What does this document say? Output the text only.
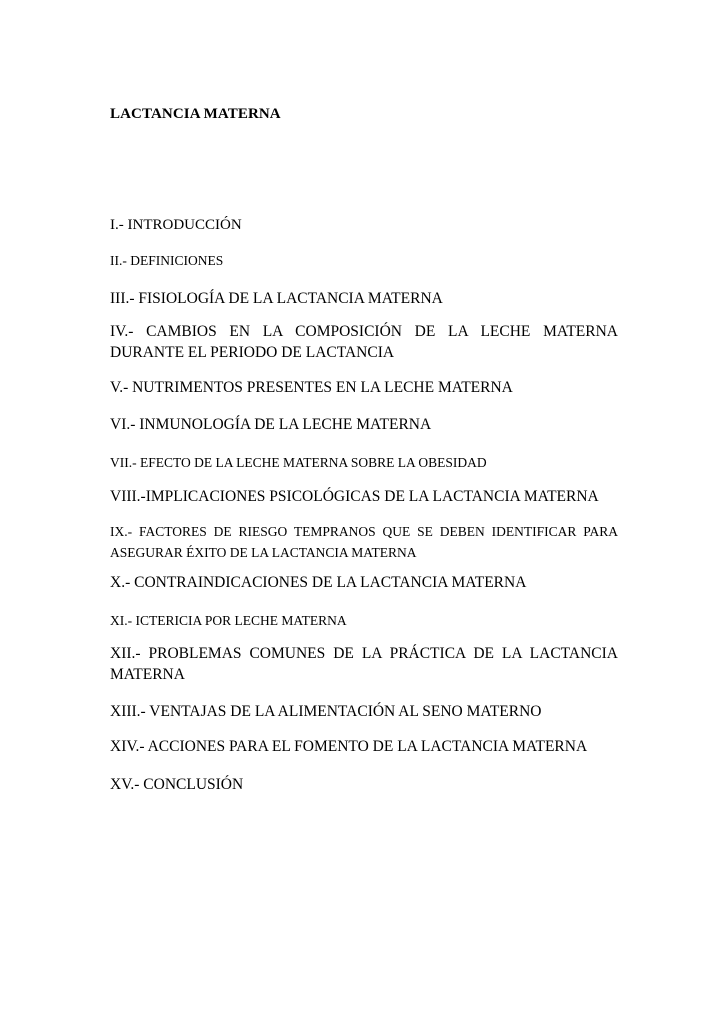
LACTANCIA MATERNA
I.- INTRODUCCIÓN
II.- DEFINICIONES
III.- FISIOLOGÍA DE LA LACTANCIA MATERNA
IV.- CAMBIOS EN LA COMPOSICIÓN DE LA LECHE MATERNA DURANTE EL PERIODO DE LACTANCIA
V.- NUTRIMENTOS PRESENTES EN LA LECHE MATERNA
VI.- INMUNOLOGÍA DE LA LECHE MATERNA
VII.- EFECTO DE LA LECHE MATERNA SOBRE LA OBESIDAD
VIII.-IMPLICACIONES PSICOLÓGICAS DE LA LACTANCIA MATERNA
IX.- FACTORES DE RIESGO TEMPRANOS QUE SE DEBEN IDENTIFICAR PARA ASEGURAR ÉXITO DE LA LACTANCIA MATERNA
X.- CONTRAINDICACIONES DE LA LACTANCIA MATERNA
XI.- ICTERICIA POR LECHE MATERNA
XII.- PROBLEMAS COMUNES DE LA PRÁCTICA DE LA LACTANCIA MATERNA
XIII.- VENTAJAS DE LA ALIMENTACIÓN AL SENO MATERNO
XIV.- ACCIONES PARA EL FOMENTO DE LA LACTANCIA MATERNA
XV.- CONCLUSIÓN
